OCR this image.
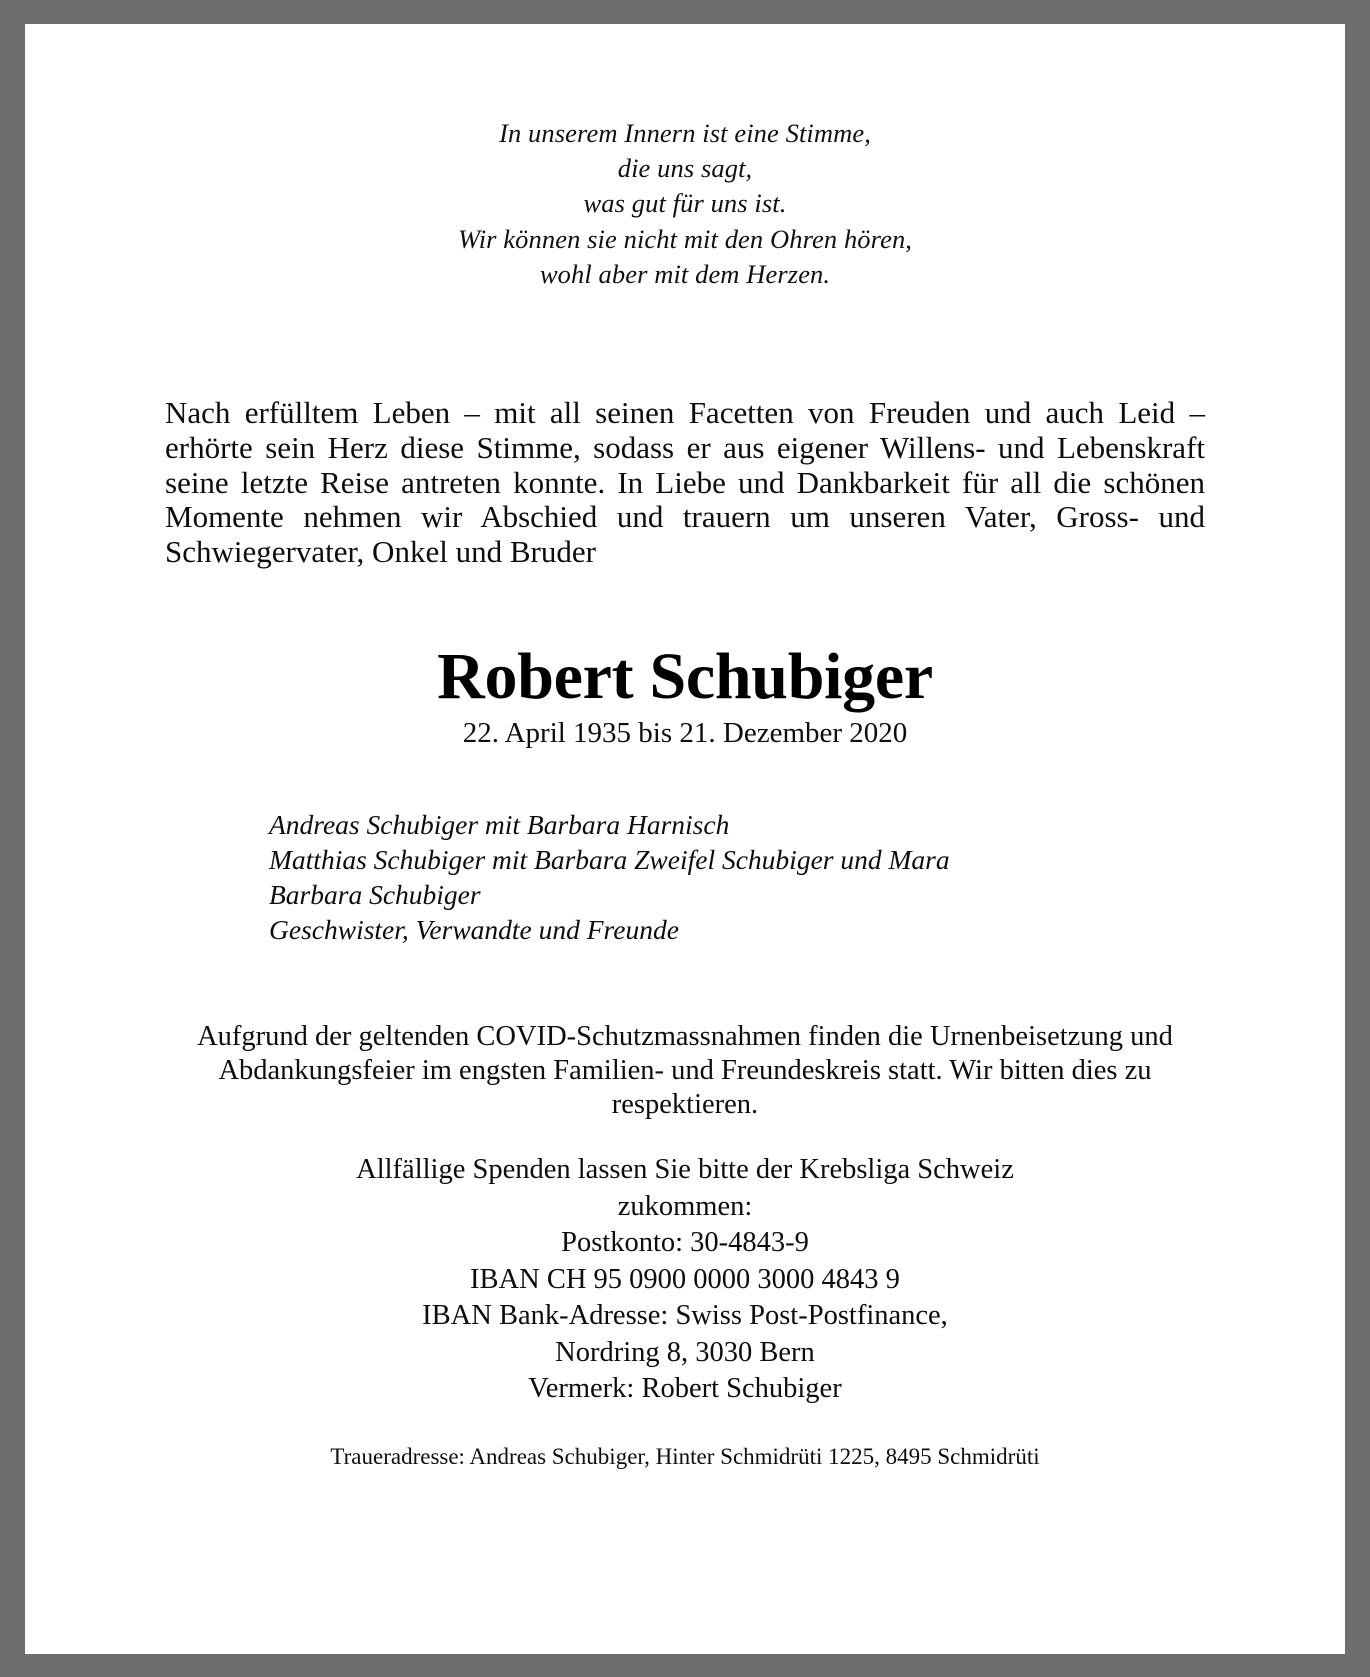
In unserem Innern ist eine Stimme,
die uns sagt,
was gut für uns ist.
Wir können sie nicht mit den Ohren hören,
wohl aber mit dem Herzen.

Nach erfülltem Leben – mit all seinen Facetten von Freuden und auch Leid – erhörte sein Herz diese Stimme, sodass er aus eigener Willens- und Lebenskraft seine letzte Reise antreten konnte. In Liebe und Dankbarkeit für all die schönen Momente nehmen wir Abschied und trauern um unseren Vater, Gross- und Schwiegervater, Onkel und Bruder

Robert Schubiger
22. April 1935 bis 21. Dezember 2020
Andreas Schubiger mit Barbara Harnisch
Matthias Schubiger mit Barbara Zweifel Schubiger und Mara
Barbara Schubiger
Geschwister, Verwandte und Freunde

Aufgrund der geltenden COVID-Schutzmassnahmen finden die Urnenbeisetzung und Abdankungsfeier im engsten Familien- und Freundeskreis statt. Wir bitten dies zu respektieren.

Allfällige Spenden lassen Sie bitte der Krebsliga Schweiz
zukommen:
Postkonto: 30-4843-9
IBAN CH 95 0900 0000 3000 4843 9
IBAN Bank-Adresse: Swiss Post-Postfinance,
Nordring 8, 3030 Bern
Vermerk: Robert Schubiger
Traueradresse: Andreas Schubiger, Hinter Schmidrüti 1225, 8495 Schmidrüti
